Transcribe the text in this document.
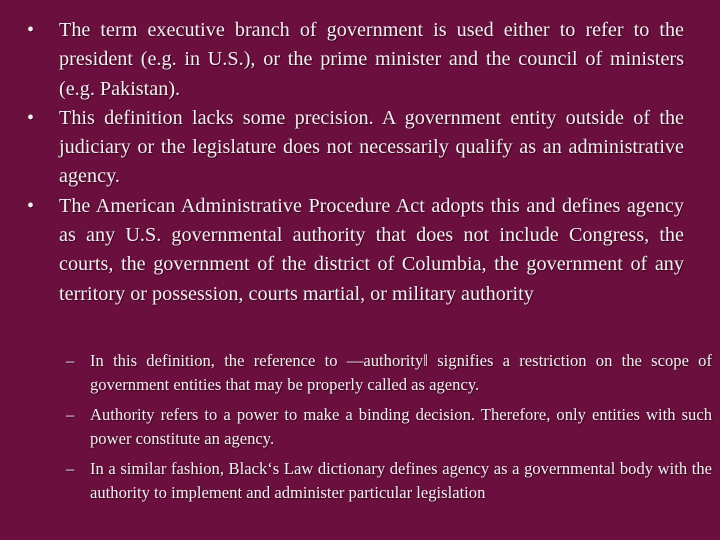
• The term executive branch of government is used either to refer to the president (e.g. in U.S.), or the prime minister and the council of ministers (e.g. Pakistan).
• This definition lacks some precision. A government entity outside of the judiciary or the legislature does not necessarily qualify as an administrative agency.
• The American Administrative Procedure Act adopts this and defines agency as any U.S. governmental authority that does not include Congress, the courts, the government of the district of Columbia, the government of any territory or possession, courts martial, or military authority
– In this definition, the reference to ―authority‖ signifies a restriction on the scope of government entities that may be properly called as agency.
– Authority refers to a power to make a binding decision. Therefore, only entities with such power constitute an agency.
– In a similar fashion, Black‘s Law dictionary defines agency as a governmental body with the authority to implement and administer particular legislation
